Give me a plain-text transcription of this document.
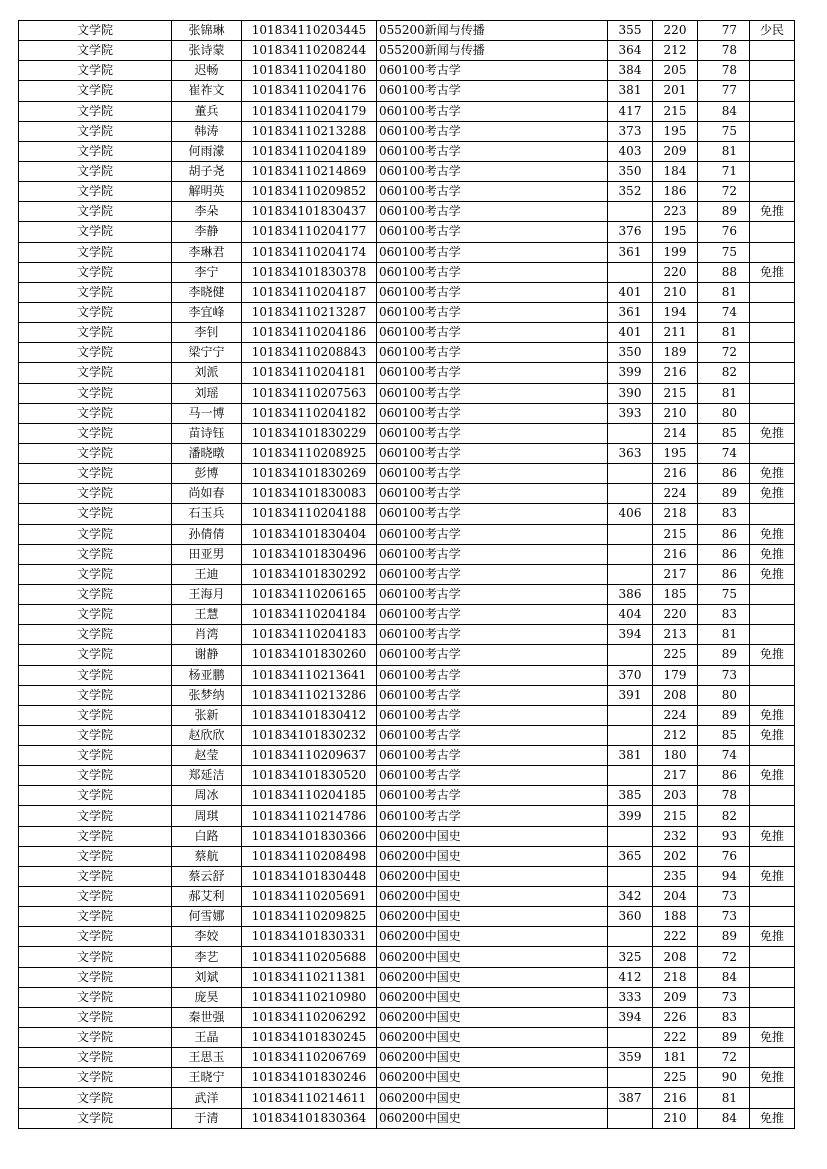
文学院	张锦琳	101834110203445	055200新闻与传播	355	220	77	少民
文学院	张诗蒙	101834110208244	055200新闻与传播	364	212	78	
文学院	迟畅	101834110204180	060100考古学	384	205	78	
文学院	崔祚文	101834110204176	060100考古学	381	201	77	
文学院	董兵	101834110204179	060100考古学	417	215	84	
文学院	韩涛	101834110213288	060100考古学	373	195	75	
文学院	何雨濛	101834110204189	060100考古学	403	209	81	
文学院	胡子尧	101834110214869	060100考古学	350	184	71	
文学院	解明英	101834110209852	060100考古学	352	186	72	
文学院	李朵	101834101830437	060100考古学		223	89	免推
文学院	李静	101834110204177	060100考古学	376	195	76	
文学院	李琳君	101834110204174	060100考古学	361	199	75	
文学院	李宁	101834101830378	060100考古学		220	88	免推
文学院	李晓健	101834110204187	060100考古学	401	210	81	
文学院	李宜峰	101834110213287	060100考古学	361	194	74	
文学院	李钊	101834110204186	060100考古学	401	211	81	
文学院	梁宁宁	101834110208843	060100考古学	350	189	72	
文学院	刘派	101834110204181	060100考古学	399	216	82	
文学院	刘瑶	101834110207563	060100考古学	390	215	81	
文学院	马一博	101834110204182	060100考古学	393	210	80	
文学院	苗诗钰	101834101830229	060100考古学		214	85	免推
文学院	潘晓暾	101834110208925	060100考古学	363	195	74	
文学院	彭博	101834101830269	060100考古学		216	86	免推
文学院	尚如春	101834101830083	060100考古学		224	89	免推
文学院	石玉兵	101834110204188	060100考古学	406	218	83	
文学院	孙倩倩	101834101830404	060100考古学		215	86	免推
文学院	田亚男	101834101830496	060100考古学		216	86	免推
文学院	王迪	101834101830292	060100考古学		217	86	免推
文学院	王海月	101834110206165	060100考古学	386	185	75	
文学院	王慧	101834110204184	060100考古学	404	220	83	
文学院	肖湾	101834110204183	060100考古学	394	213	81	
文学院	谢静	101834101830260	060100考古学		225	89	免推
文学院	杨亚鹏	101834110213641	060100考古学	370	179	73	
文学院	张梦纳	101834110213286	060100考古学	391	208	80	
文学院	张新	101834101830412	060100考古学		224	89	免推
文学院	赵欣欣	101834101830232	060100考古学		212	85	免推
文学院	赵莹	101834110209637	060100考古学	381	180	74	
文学院	郑延洁	101834101830520	060100考古学		217	86	免推
文学院	周冰	101834110204185	060100考古学	385	203	78	
文学院	周琪	101834110214786	060100考古学	399	215	82	
文学院	白路	101834101830366	060200中国史		232	93	免推
文学院	蔡航	101834110208498	060200中国史	365	202	76	
文学院	蔡云舒	101834101830448	060200中国史		235	94	免推
文学院	郝艾利	101834110205691	060200中国史	342	204	73	
文学院	何雪娜	101834110209825	060200中国史	360	188	73	
文学院	李姣	101834101830331	060200中国史		222	89	免推
文学院	李艺	101834110205688	060200中国史	325	208	72	
文学院	刘斌	101834110211381	060200中国史	412	218	84	
文学院	庞昊	101834110210980	060200中国史	333	209	73	
文学院	秦世强	101834110206292	060200中国史	394	226	83	
文学院	王晶	101834101830245	060200中国史		222	89	免推
文学院	王思玉	101834110206769	060200中国史	359	181	72	
文学院	王晓宁	101834101830246	060200中国史		225	90	免推
文学院	武洋	101834110214611	060200中国史	387	216	81	
文学院	于清	101834101830364	060200中国史		210	84	免推
